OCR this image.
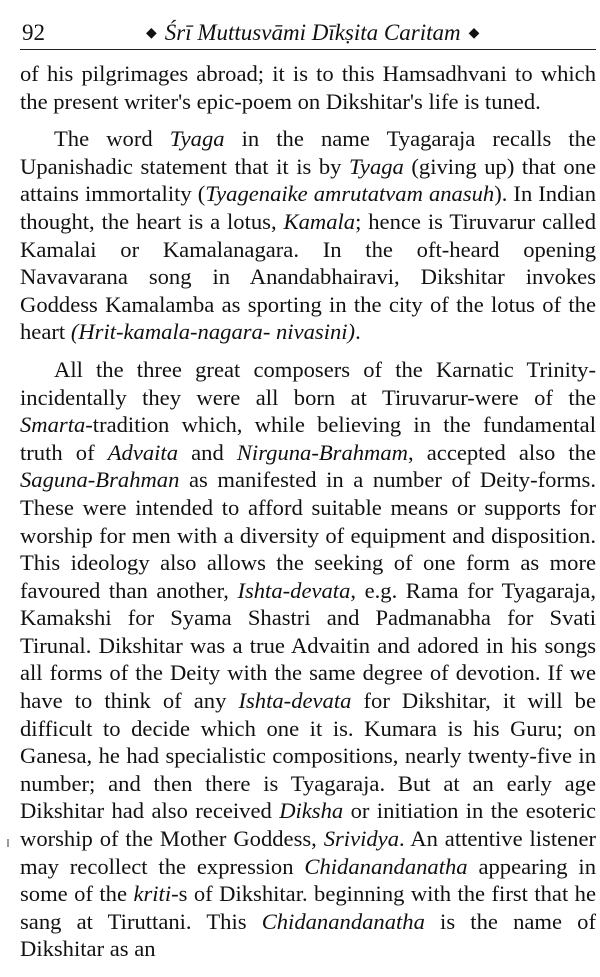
92	◆ Śrī Muttusvāmi Dīkṣita Caritam ◆

of his pilgrimages abroad; it is to this Hamsadhvani to which the present writer's epic-poem on Dikshitar's life is tuned.

The word Tyaga in the name Tyagaraja recalls the Upanishadic statement that it is by Tyaga (giving up) that one attains immortality (Tyagenaike amrutatvam anasuh). In Indian thought, the heart is a lotus, Kamala; hence is Tiruvarur called Kamalai or Kamalanagara. In the oft-heard opening Navavarana song in Anandabhairavi, Dikshitar invokes Goddess Kamalamba as sporting in the city of the lotus of the heart (Hrit-kamala-nagara- nivasini).

All the three great composers of the Karnatic Trinity-incidentally they were all born at Tiruvarur-were of the Smarta-tradition which, while believing in the fundamental truth of Advaita and Nirguna-Brahmam, accepted also the Saguna-Brahman as manifested in a number of Deity-forms. These were intended to afford suitable means or supports for worship for men with a diversity of equipment and disposition. This ideology also allows the seeking of one form as more favoured than another, Ishta-devata, e.g. Rama for Tyagaraja, Kamakshi for Syama Shastri and Padmanabha for Svati Tirunal. Dikshitar was a true Advaitin and adored in his songs all forms of the Deity with the same degree of devotion. If we have to think of any Ishta-devata for Dikshitar, it will be difficult to decide which one it is. Kumara is his Guru; on Ganesa, he had specialistic compositions, nearly twenty-five in number; and then there is Tyagaraja. But at an early age Dikshitar had also received Diksha or initiation in the esoteric worship of the Mother Goddess, Srividya. An attentive listener may recollect the expression Chidanandanatha appearing in some of the kriti-s of Dikshitar. beginning with the first that he sang at Tiruttani. This Chidanandanatha is the name of Dikshitar as an
